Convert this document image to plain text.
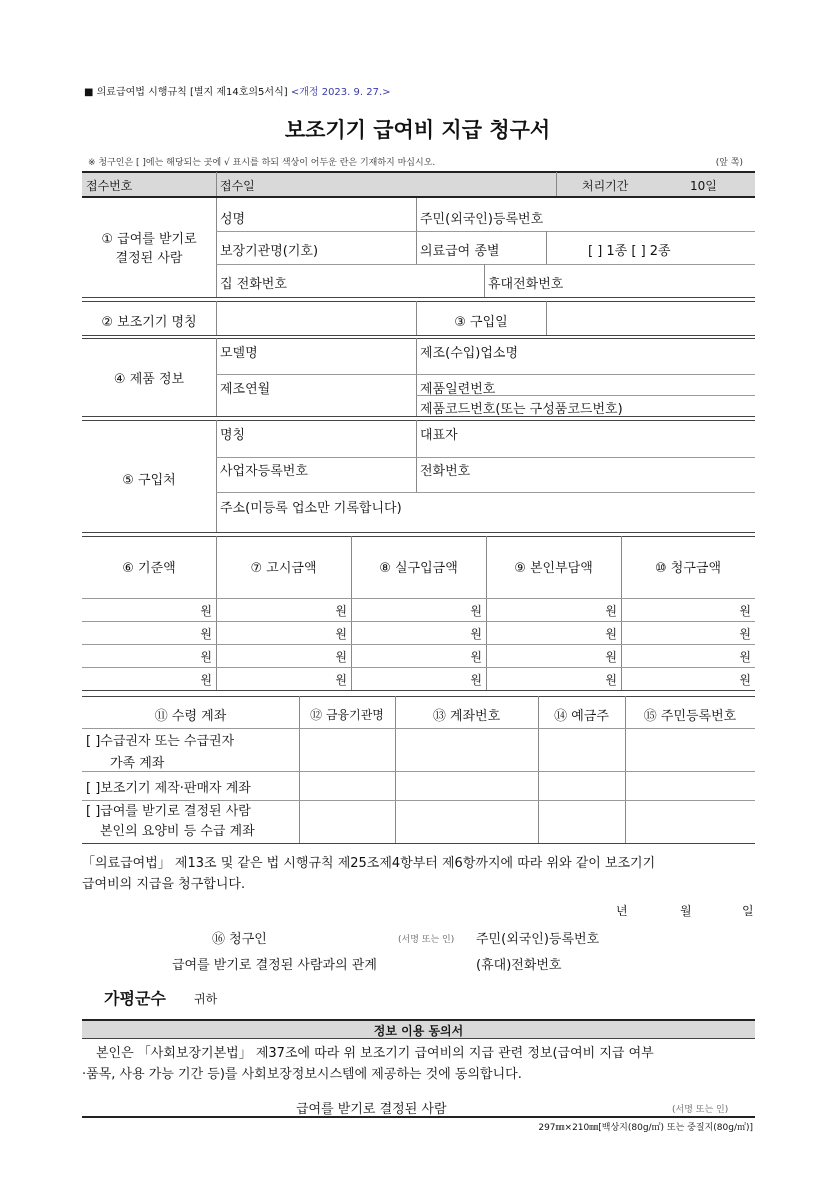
■ 의료급여법 시행규칙 [별지 제14호의5서식] <개정 2023. 9. 27.>
보조기기 급여비 지급 청구서
※ 청구인은 [ ]에는 해당되는 곳에 √ 표시를 하되 색상이 어두운 란은 기재하지 마십시오.	(앞 쪽)
접수번호	접수일	처리기간	10일
① 급여를 받기로
결정된 사람
성명	주민(외국인)등록번호
보장기관명(기호)	의료급여 종별	[ ] 1종 [ ] 2종
집 전화번호	휴대전화번호
② 보조기기 명칭	③ 구입일
④ 제품 정보
모델명	제조(수입)업소명
제조연월	제품일련번호
제품코드번호(또는 구성품코드번호)
⑤ 구입처
명칭	대표자
사업자등록번호	전화번호
주소(미등록 업소만 기록합니다)
⑥ 기준액	⑦ 고시금액	⑧ 실구입금액	⑨ 본인부담액	⑩ 청구금액
원	원	원	원	원
원	원	원	원	원
원	원	원	원	원
원	원	원	원	원
⑪ 수령 계좌	⑫ 금융기관명	⑬ 계좌번호	⑭ 예금주	⑮ 주민등록번호
[ ]수급권자 또는 수급권자
가족 계좌
[ ]보조기기 제작·판매자 계좌
[ ]급여를 받기로 결정된 사람
본인의 요양비 등 수급 계좌
「의료급여법」 제13조 및 같은 법 시행규칙 제25조제4항부터 제6항까지에 따라 위와 같이 보조기기
급여비의 지급을 청구합니다.
년	월	일
⑯ 청구인	(서명 또는 인) 주민(외국인)등록번호
급여를 받기로 결정된 사람과의 관계	(휴대)전화번호
가평군수 귀하
정보 이용 동의서
본인은 「사회보장기본법」 제37조에 따라 위 보조기기 급여비의 지급 관련 정보(급여비 지급 여부
·품목, 사용 가능 기간 등)를 사회보장정보시스템에 제공하는 것에 동의합니다.
급여를 받기로 결정된 사람	(서명 또는 인)
297㎜×210㎜[백상지(80g/㎡) 또는 중질지(80g/㎡)]
